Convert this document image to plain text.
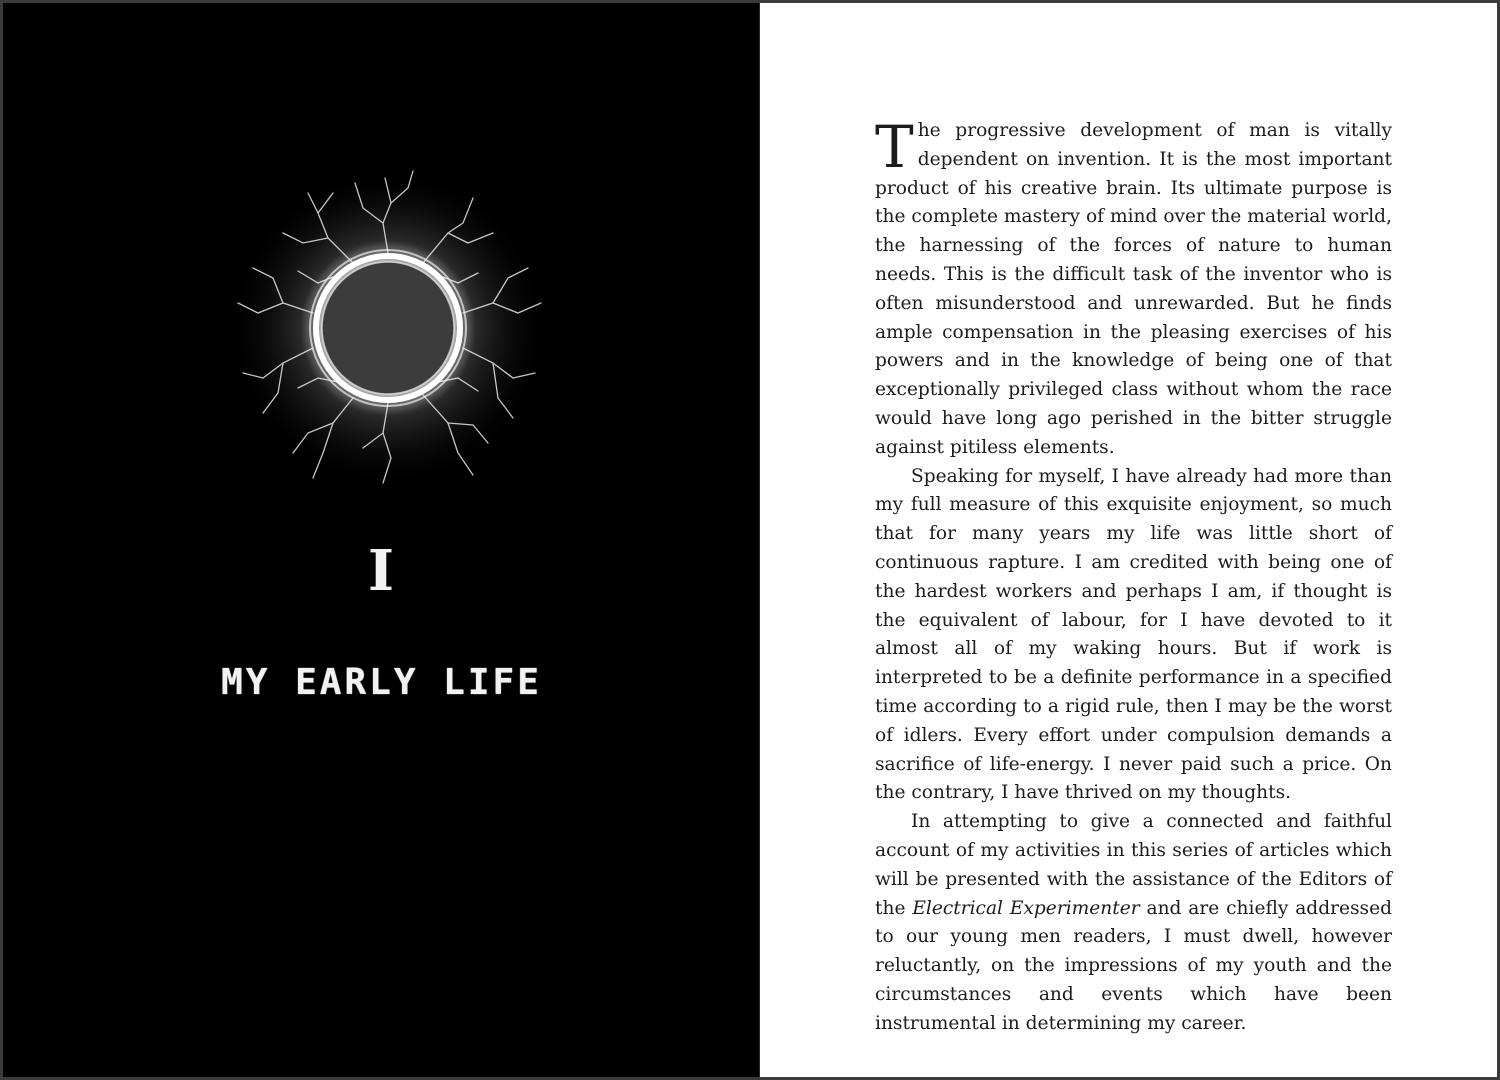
I
MY EARLY LIFE

The progressive development of man is vitally dependent on invention. It is the most important product of his creative brain. Its ultimate purpose is the complete mastery of mind over the material world, the harnessing of the forces of nature to human needs. This is the difficult task of the inventor who is often misunderstood and unrewarded. But he finds ample compensation in the pleasing exercises of his powers and in the knowledge of being one of that exceptionally privileged class without whom the race would have long ago perished in the bitter struggle against pitiless elements.

Speaking for myself, I have already had more than my full measure of this exquisite enjoyment, so much that for many years my life was little short of continuous rapture. I am credited with being one of the hardest workers and perhaps I am, if thought is the equivalent of labour, for I have devoted to it almost all of my waking hours. But if work is interpreted to be a definite performance in a specified time according to a rigid rule, then I may be the worst of idlers. Every effort under compulsion demands a sacrifice of life-energy. I never paid such a price. On the contrary, I have thrived on my thoughts.

In attempting to give a connected and faithful account of my activities in this series of articles which will be presented with the assistance of the Editors of the Electrical Experimenter and are chiefly addressed to our young men readers, I must dwell, however reluctantly, on the impressions of my youth and the circumstances and events which have been instrumental in determining my career.
